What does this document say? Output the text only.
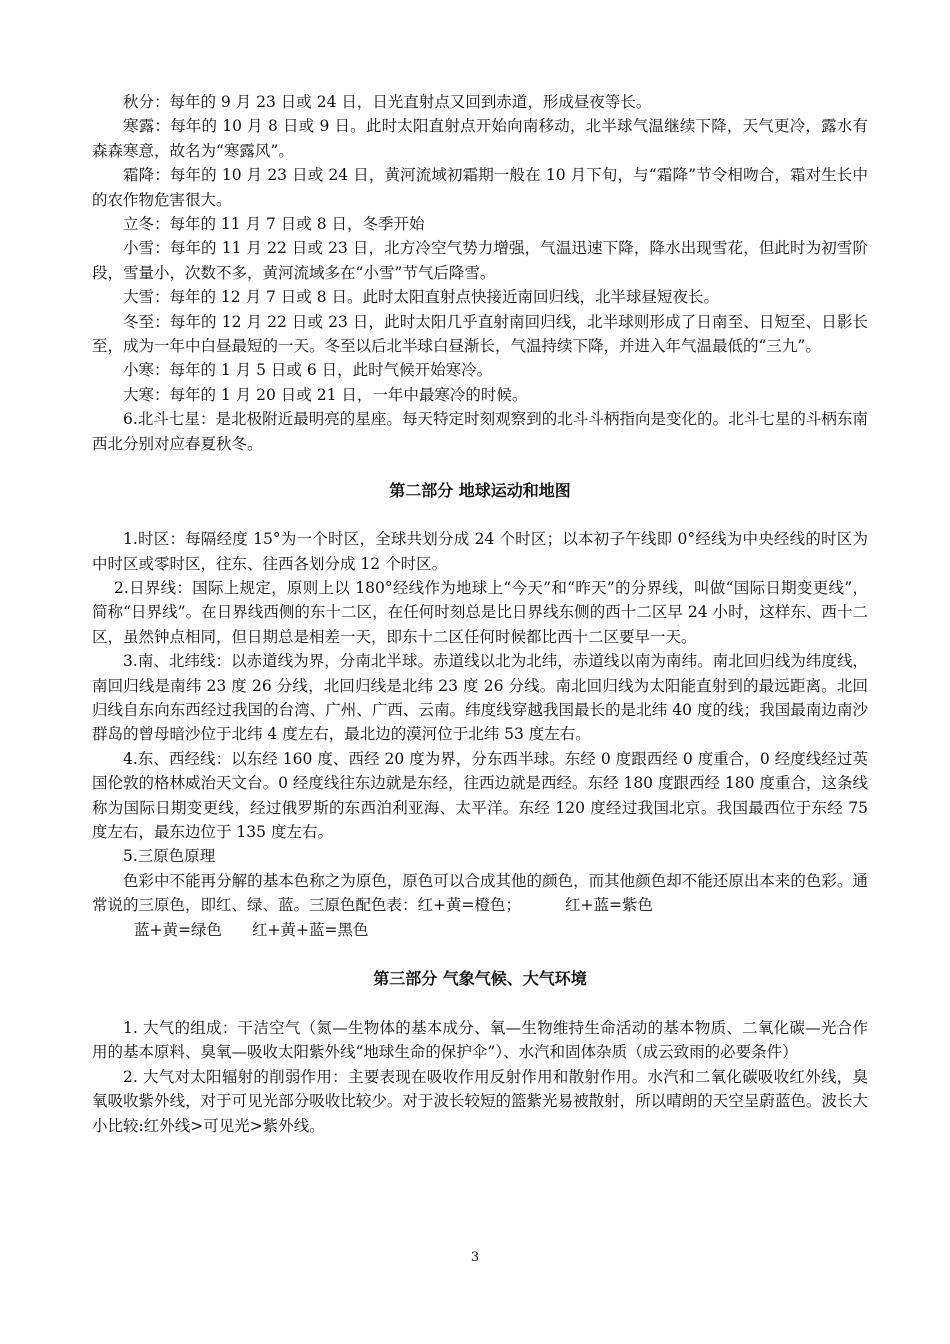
秋分：每年的 9 月 23 日或 24 日，日光直射点又回到赤道，形成昼夜等长。

寒露：每年的 10 月 8 日或 9 日。此时太阳直射点开始向南移动，北半球气温继续下降，天气更冷，露水有森森寒意，故名为“寒露风”。

霜降：每年的 10 月 23 日或 24 日，黄河流域初霜期一般在 10 月下旬，与“霜降”节令相吻合，霜对生长中的农作物危害很大。

立冬：每年的 11 月 7 日或 8 日，冬季开始

小雪：每年的 11 月 22 日或 23 日，北方冷空气势力增强，气温迅速下降，降水出现雪花，但此时为初雪阶段，雪量小，次数不多，黄河流域多在“小雪”节气后降雪。

大雪：每年的 12 月 7 日或 8 日。此时太阳直射点快接近南回归线，北半球昼短夜长。

冬至：每年的 12 月 22 日或 23 日，此时太阳几乎直射南回归线，北半球则形成了日南至、日短至、日影长至，成为一年中白昼最短的一天。冬至以后北半球白昼渐长，气温持续下降，并进入年气温最低的“三九”。

小寒：每年的 1 月 5 日或 6 日，此时气候开始寒冷。

大寒：每年的 1 月 20 日或 21 日，一年中最寒冷的时候。

6.北斗七星：是北极附近最明亮的星座。每天特定时刻观察到的北斗斗柄指向是变化的。北斗七星的斗柄东南西北分别对应春夏秋冬。

第二部分 地球运动和地图

1.时区：每隔经度 15°为一个时区，全球共划分成 24 个时区；以本初子午线即 0°经线为中央经线的时区为中时区或零时区，往东、往西各划分成 12 个时区。

2.日界线：国际上规定，原则上以 180°经线作为地球上“今天”和“昨天”的分界线，叫做“国际日期变更线”，简称“日界线”。在日界线西侧的东十二区，在任何时刻总是比日界线东侧的西十二区早 24 小时，这样东、西十二区，虽然钟点相同，但日期总是相差一天，即东十二区任何时候都比西十二区要早一天。

3.南、北纬线：以赤道线为界，分南北半球。赤道线以北为北纬，赤道线以南为南纬。南北回归线为纬度线，南回归线是南纬 23 度 26 分线，北回归线是北纬 23 度 26 分线。南北回归线为太阳能直射到的最远距离。北回归线自东向东西经过我国的台湾、广州、广西、云南。纬度线穿越我国最长的是北纬 40 度的线；我国最南边南沙群岛的曾母暗沙位于北纬 4 度左右，最北边的漠河位于北纬 53 度左右。

4.东、西经线：以东经 160 度、西经 20 度为界，分东西半球。东经 0 度跟西经 0 度重合，0 经度线经过英国伦敦的格林威治天文台。0 经度线往东边就是东经，往西边就是西经。东经 180 度跟西经 180 度重合，这条线称为国际日期变更线，经过俄罗斯的东西泊利亚海、太平洋。东经 120 度经过我国北京。我国最西位于东经 75 度左右，最东边位于 135 度左右。

5.三原色原理

色彩中不能再分解的基本色称之为原色，原色可以合成其他的颜色，而其他颜色却不能还原出本来的色彩。通常说的三原色，即红、绿、蓝。三原色配色表：红+黄=橙色；	红+蓝=紫色

蓝+黄=绿色 红+黄+蓝=黑色

第三部分 气象气候、大气环境

1. 大气的组成：干洁空气（氮—生物体的基本成分、氧—生物维持生命活动的基本物质、二氧化碳—光合作用的基本原料、臭氧—吸收太阳紫外线“地球生命的保护伞”）、水汽和固体杂质（成云致雨的必要条件）

2. 大气对太阳辐射的削弱作用：主要表现在吸收作用反射作用和散射作用。水汽和二氧化碳吸收红外线，臭氧吸收紫外线，对于可见光部分吸收比较少。对于波长较短的篮紫光易被散射，所以晴朗的天空呈蔚蓝色。波长大小比较:红外线>可见光>紫外线。

3
